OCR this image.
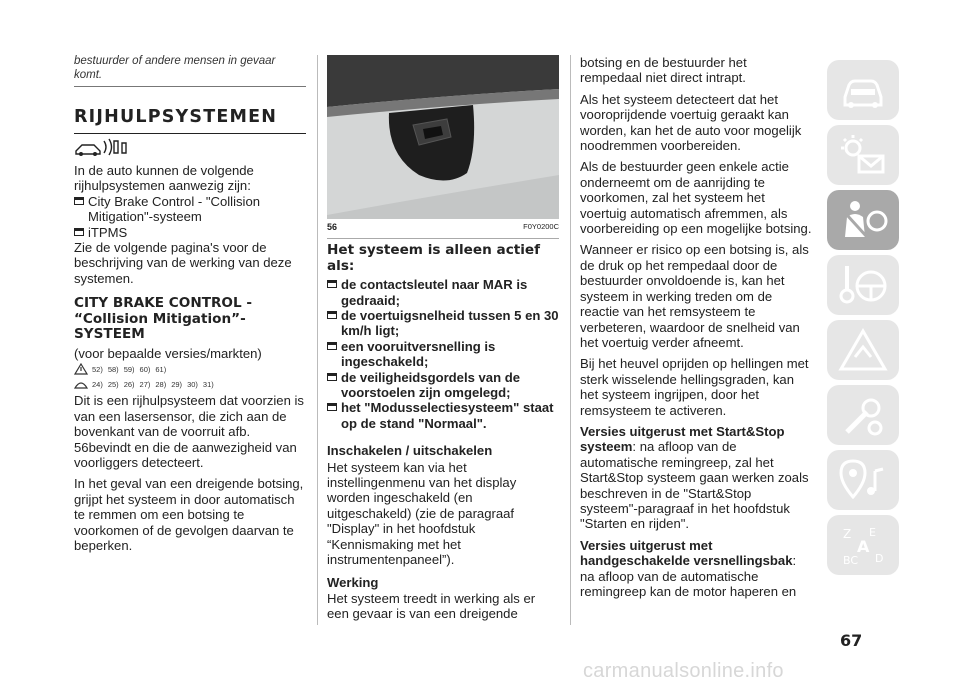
bestuurder of andere mensen in gevaar komt.
RIJHULPSYSTEMEN

In de auto kunnen de volgende rijhulpsystemen aanwezig zijn:

City Brake Control - "Collision Mitigation"-systeem
iTPMS

Zie de volgende pagina's voor de beschrijving van de werking van deze systemen.

CITY BRAKE CONTROL - “Collision Mitigation”- SYSTEEM

(voor bepaalde versies/markten)

52) 58) 59) 60) 61)
24) 25) 26) 27) 28) 29) 30) 31)

Dit is een rijhulpsysteem dat voorzien is van een lasersensor, die zich aan de bovenkant van de voorruit afb. 56bevindt en die de aanwezigheid van voorliggers detecteert.

In het geval van een dreigende botsing, grijpt het systeem in door automatisch te remmen om een botsing te voorkomen of de gevolgen daarvan te beperken.

56	F0Y0200C
Het systeem is alleen actief als:
de contactsleutel naar MAR is gedraaid;
de voertuigsnelheid tussen 5 en 30 km/h ligt;
een vooruitversnelling is ingeschakeld;
de veiligheidsgordels van de voorstoelen zijn omgelegd;
het "Modusselectiesysteem" staat op de stand "Normaal".
Inschakelen / uitschakelen

Het systeem kan via het instellingenmenu van het display worden ingeschakeld (en uitgeschakeld) (zie de paragraaf "Display" in het hoofdstuk “Kennismaking met het instrumentenpaneel”).

Werking

Het systeem treedt in werking als er een gevaar is van een dreigende

botsing en de bestuurder het rempedaal niet direct intrapt.

Als het systeem detecteert dat het vooroprijdende voertuig geraakt kan worden, kan het de auto voor mogelijk noodremmen voorbereiden.

Als de bestuurder geen enkele actie onderneemt om de aanrijding te voorkomen, zal het systeem het voertuig automatisch afremmen, als voorbereiding op een mogelijke botsing.

Wanneer er risico op een botsing is, als de druk op het rempedaal door de bestuurder onvoldoende is, kan het systeem in werking treden om de reactie van het remsysteem te verbeteren, waardoor de snelheid van het voertuig verder afneemt.

Bij het heuvel oprijden op hellingen met sterk wisselende hellingsgraden, kan het systeem ingrijpen, door het remsysteem te activeren.

Versies uitgerust met Start&Stop systeem: na afloop van de automatische remingreep, zal het Start&Stop systeem gaan werken zoals beschreven in de "Start&Stop systeem"-paragraaf in het hoofdstuk "Starten en rijden".

Versies uitgerust met handgeschakelde versnellingsbak: na afloop van de automatische remingreep kan de motor haperen en

Z E
A
BC D
67
carmanualsonline.info
